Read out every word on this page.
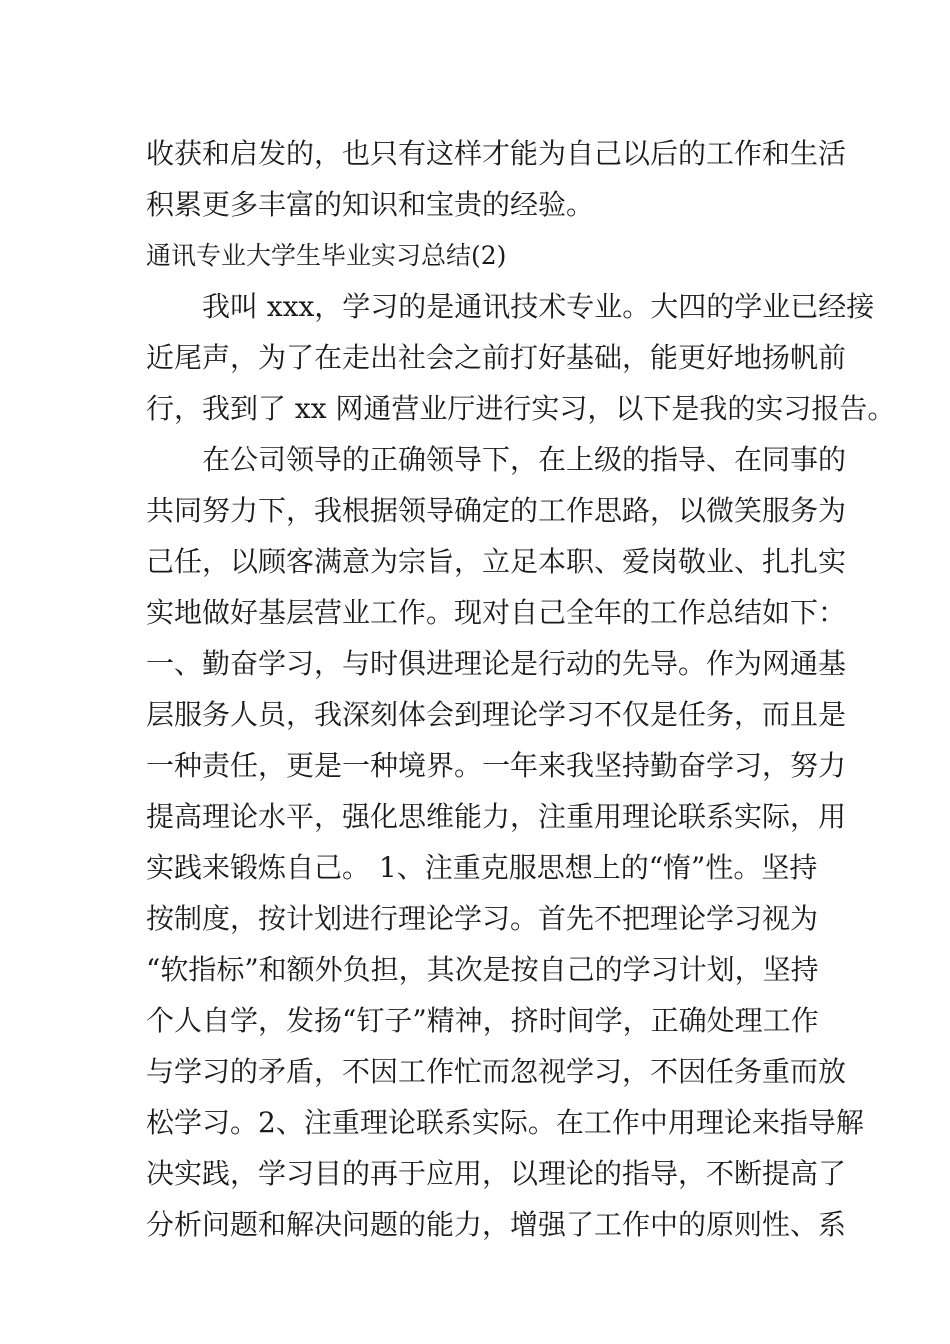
收获和启发的，也只有这样才能为自己以后的工作和生活
积累更多丰富的知识和宝贵的经验。
通讯专业大学生毕业实习总结(2)
　　我叫 xxx，学习的是通讯技术专业。大四的学业已经接
近尾声，为了在走出社会之前打好基础，能更好地扬帆前
行，我到了 xx 网通营业厅进行实习，以下是我的实习报告。
　　在公司领导的正确领导下，在上级的指导、在同事的
共同努力下，我根据领导确定的工作思路，以微笑服务为
己任，以顾客满意为宗旨，立足本职、爱岗敬业、扎扎实
实地做好基层营业工作。现对自己全年的工作总结如下：
一、勤奋学习，与时俱进理论是行动的先导。作为网通基
层服务人员，我深刻体会到理论学习不仅是任务，而且是
一种责任，更是一种境界。一年来我坚持勤奋学习，努力
提高理论水平，强化思维能力，注重用理论联系实际，用
实践来锻炼自己。 1、注重克服思想上的“惰”性。坚持
按制度，按计划进行理论学习。首先不把理论学习视为
“软指标”和额外负担，其次是按自己的学习计划，坚持
个人自学，发扬“钉子”精神，挤时间学，正确处理工作
与学习的矛盾，不因工作忙而忽视学习，不因任务重而放
松学习。2、注重理论联系实际。在工作中用理论来指导解
决实践，学习目的再于应用，以理论的指导，不断提高了
分析问题和解决问题的能力，增强了工作中的原则性、系
